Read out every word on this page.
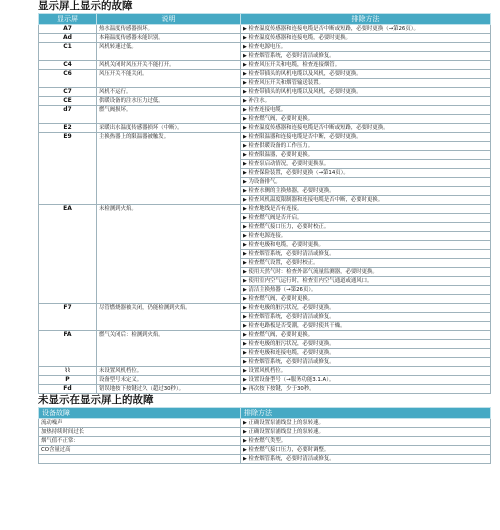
显示屏上显示的故障
显示屏	说明	排除方法
A7	热水温度传感器损坏。	▶ 检查温度传感器和连接电缆是否中断或短路，必要时更换（→第26页）。
Ad	本箱温度传感器未能识别。	▶ 检查温度传感器和连接电缆，必要时更换。
C1	风机转速过低。	▶ 检查电源电压。
		▶ 检查烟管系统，必要时清洁或修复。
C4	风机关闭时风压开关不能打开。	▶ 检查风压开关和电缆，检查连接烟管。
C6	风压开关不能关闭。	▶ 检查带插头的风机电缆以及风机，必要时更换。
		▶ 检查风压开关和烟管输送装置。
C7	风机不运行。	▶ 检查带插头的风机电缆以及风机，必要时更换。
CE	供暖设备的注水压力过低。	▶ 补注水。
d7	燃气阀损坏。	▶ 检查连接电缆。
		▶ 检查燃气阀，必要时更换。
E2	采暖出水温度传感器损坏（中断）。	▶ 检查温度传感器和连接电缆是否中断或短路，必要时更换。
E9	主换热器上的限温器被触发。	▶ 检查限温器和连接电缆是否中断，必要时更换。
		▶ 检查供暖设备的工作压力。
		▶ 检查限温器，必要时更换。
		▶ 检查泵启动情况，必要时更换泵。
		▶ 检查保险装置，必要时更换（→第14页）。
		▶ 为设备排气。
		▶ 检查水侧的主换热器，必要时更换。
		▶ 检查风机温度限制器和连接电缆是否中断，必要时更换。
EA	未检测到火焰。	▶ 检查地线是否有连接。
		▶ 检查燃气阀是否开启。
		▶ 检查燃气接口压力，必要时校正。
		▶ 检查电源连接。
		▶ 检查电极和电缆，必要时更换。
		▶ 检查烟管系统，必要时清洁或修复。
		▶ 检查燃气设置，必要时校正。
		▶ 使用天然气时：检查外部气流量监测器，必要时更换。
		▶ 使用室内空气运行时，检查室内空气通道或通风口。
		▶ 清洁主换热器（→第26页）。
		▶ 检查燃气阀，必要时更换。
F7	尽管燃烧器被关闭，仍能检测到火焰。	▶ 检查电极的脏污状况，必要时更换。
		▶ 检查烟管系统，必要时清洁或修复。
		▶ 检查电路板是否受潮，必要时使其干燥。
FA	燃气关闭后：检测到火焰。	▶ 检查燃气阀，必要时更换。
		▶ 检查电极的脏污状况，必要时更换。
		▶ 检查电极和连接电缆，必要时更换。
		▶ 检查烟管系统，必要时清洁或修复。
⌇⌇	未设置风机档位。	▶ 设置风机档位。
P	设备型号未定义。	▶ 设置设备型号（→服务功能3.1.A）。
Fd	错误地按下按键过久（超过30秒）。	▶ 再次按下按键，少于30秒。
未显示在显示屏上的故障
设备故障	排除方法
流动噪声	▶ 正确设置泵浦线盘上的泵转速。
加热持续时间过长	▶ 正确设置泵浦线盘上的泵转速。
烟气值不正常：	▶ 检查燃气类型。
CO含量过高	▶ 检查燃气接口压力，必要时调整。
	▶ 检查烟管系统，必要时清洁或修复。
